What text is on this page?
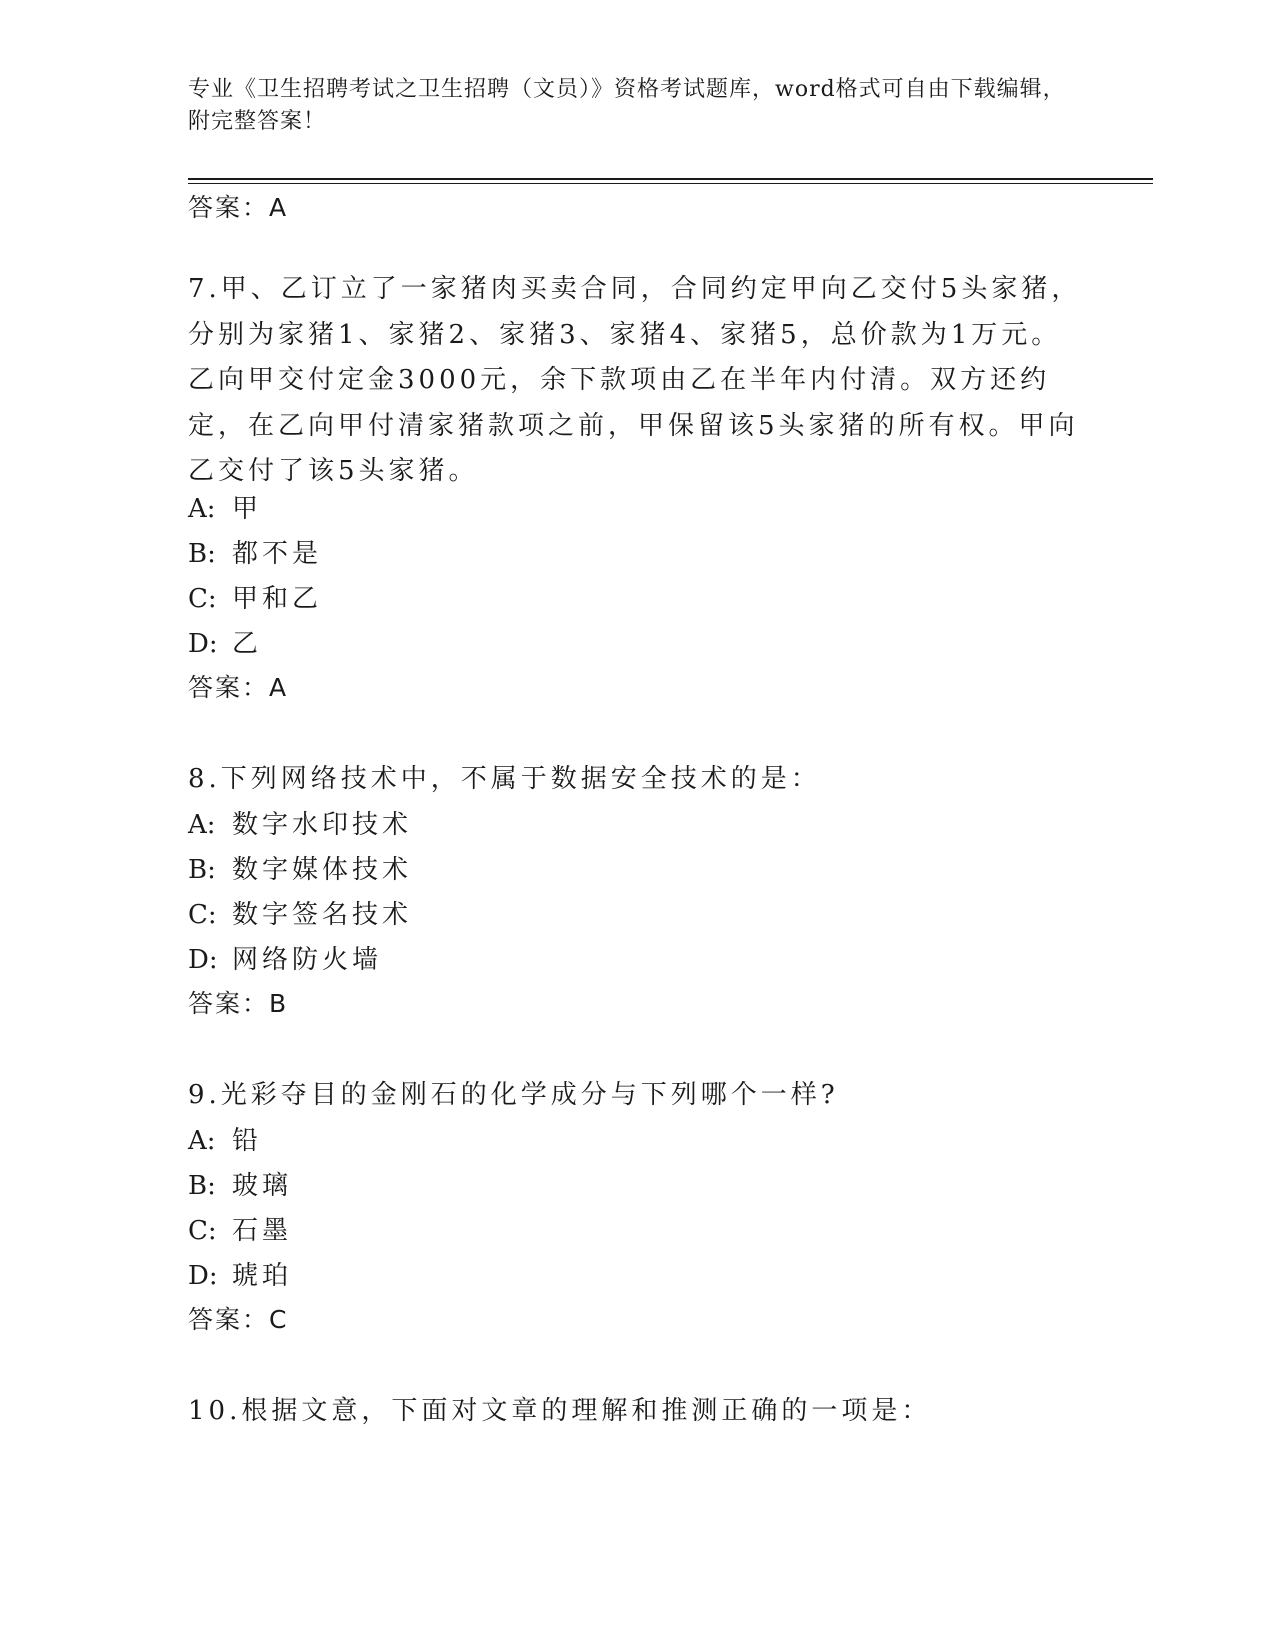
专业《卫生招聘考试之卫生招聘（文员）》资格考试题库，word格式可自由下载编辑，附完整答案！
答案：A
7.甲、乙订立了一家猪肉买卖合同，合同约定甲向乙交付5头家猪，分别为家猪1、家猪2、家猪3、家猪4、家猪5，总价款为1万元。乙向甲交付定金3000元，余下款项由乙在半年内付清。双方还约定，在乙向甲付清家猪款项之前，甲保留该5头家猪的所有权。甲向乙交付了该5头家猪。
A: 甲
B: 都不是
C: 甲和乙
D: 乙
答案：A
8.下列网络技术中，不属于数据安全技术的是：
A: 数字水印技术
B: 数字媒体技术
C: 数字签名技术
D: 网络防火墙
答案：B
9.光彩夺目的金刚石的化学成分与下列哪个一样?
A: 铅
B: 玻璃
C: 石墨
D: 琥珀
答案：C
10.根据文意，下面对文章的理解和推测正确的一项是：
